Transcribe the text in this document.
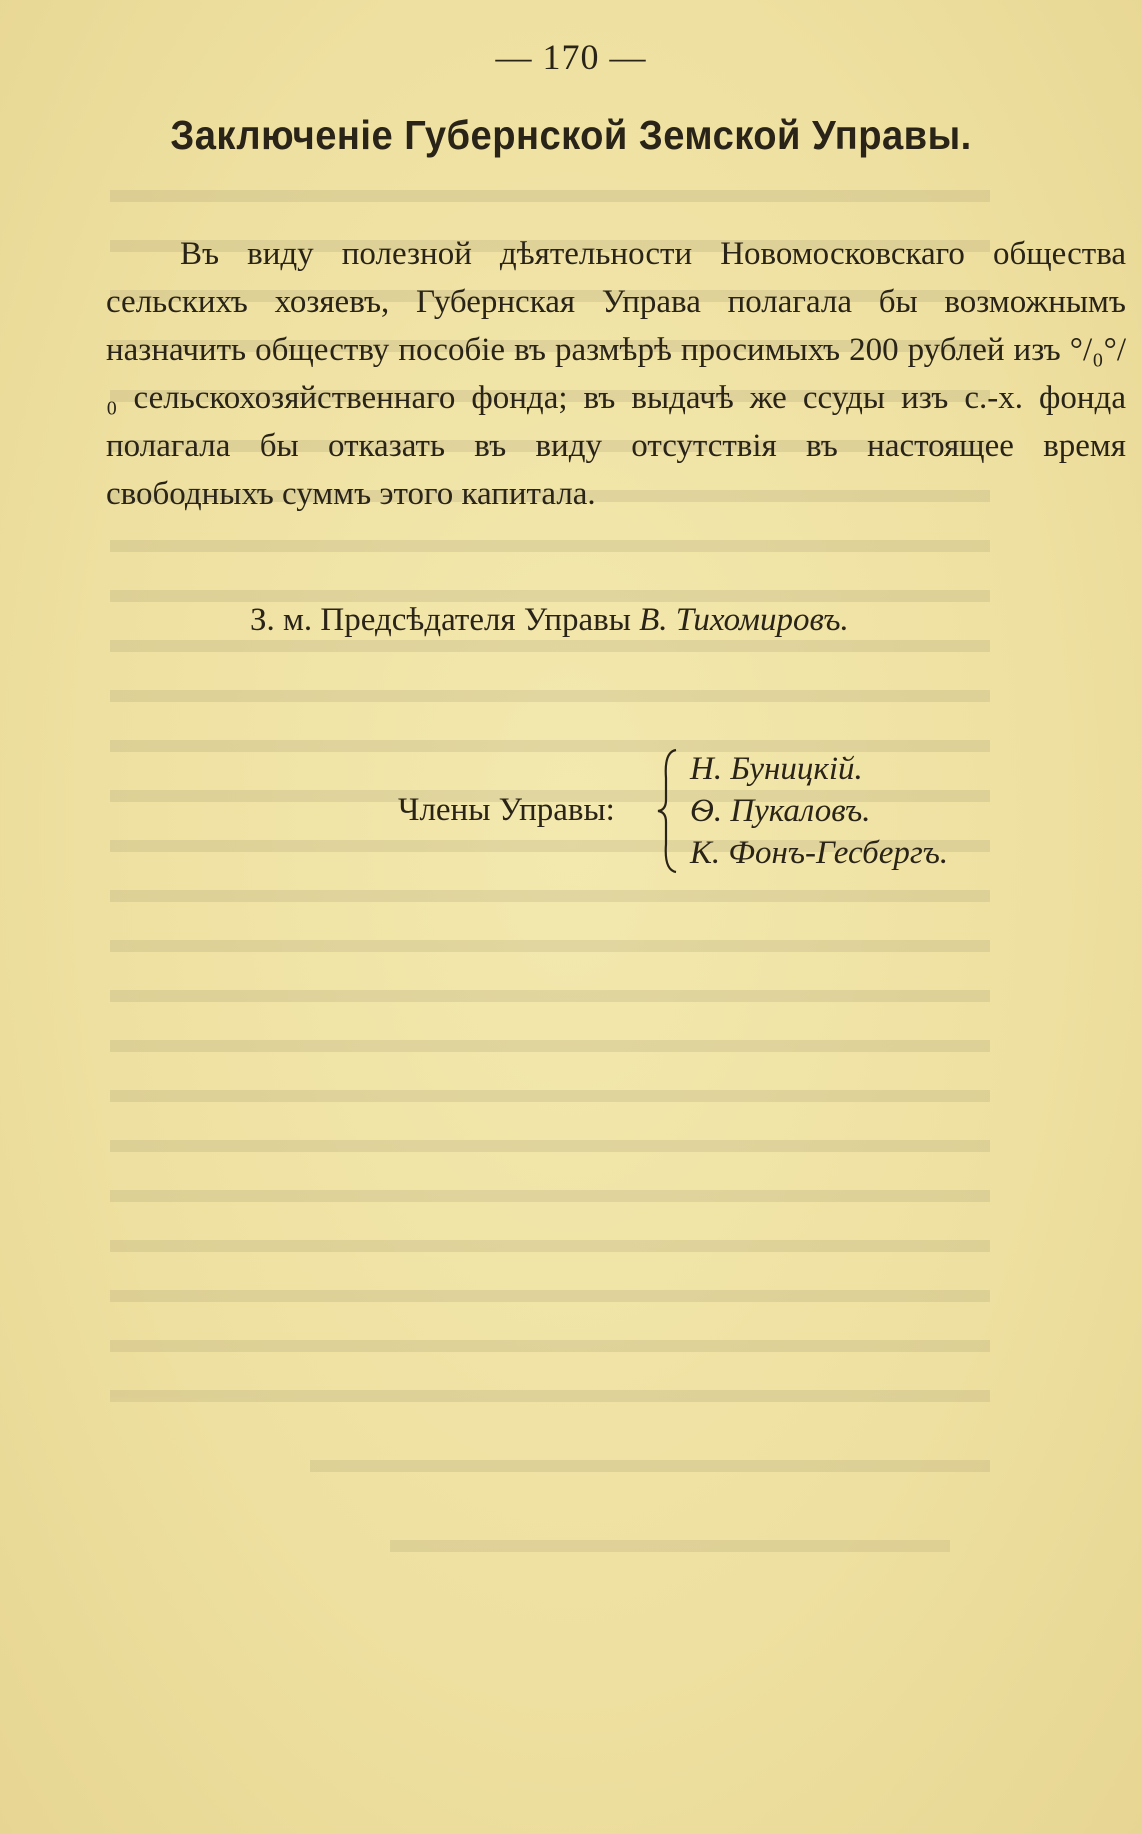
— 170 —
Заключенiе Губернской Земской Управы.

Въ виду полезной дѣятельности Новомосковскаго общества сельскихъ хозяевъ, Губернская Управа полагала бы возможнымъ назначить обществу пособiе въ размѣрѣ просимыхъ 200 рублей изъ °/₀°/₀ сельскохозяйственнаго фонда; въ выдачѣ же ссуды изъ с.-х. фонда полагала бы отказать въ виду отсутствiя въ настоящее время свободныхъ суммъ этого капитала.

З. м. Предсѣдателя Управы В. Тихомировъ.
Члены Управы:
Н. Буницкiй.
Ѳ. Пукаловъ.
К. Фонъ-Гесбергъ.
